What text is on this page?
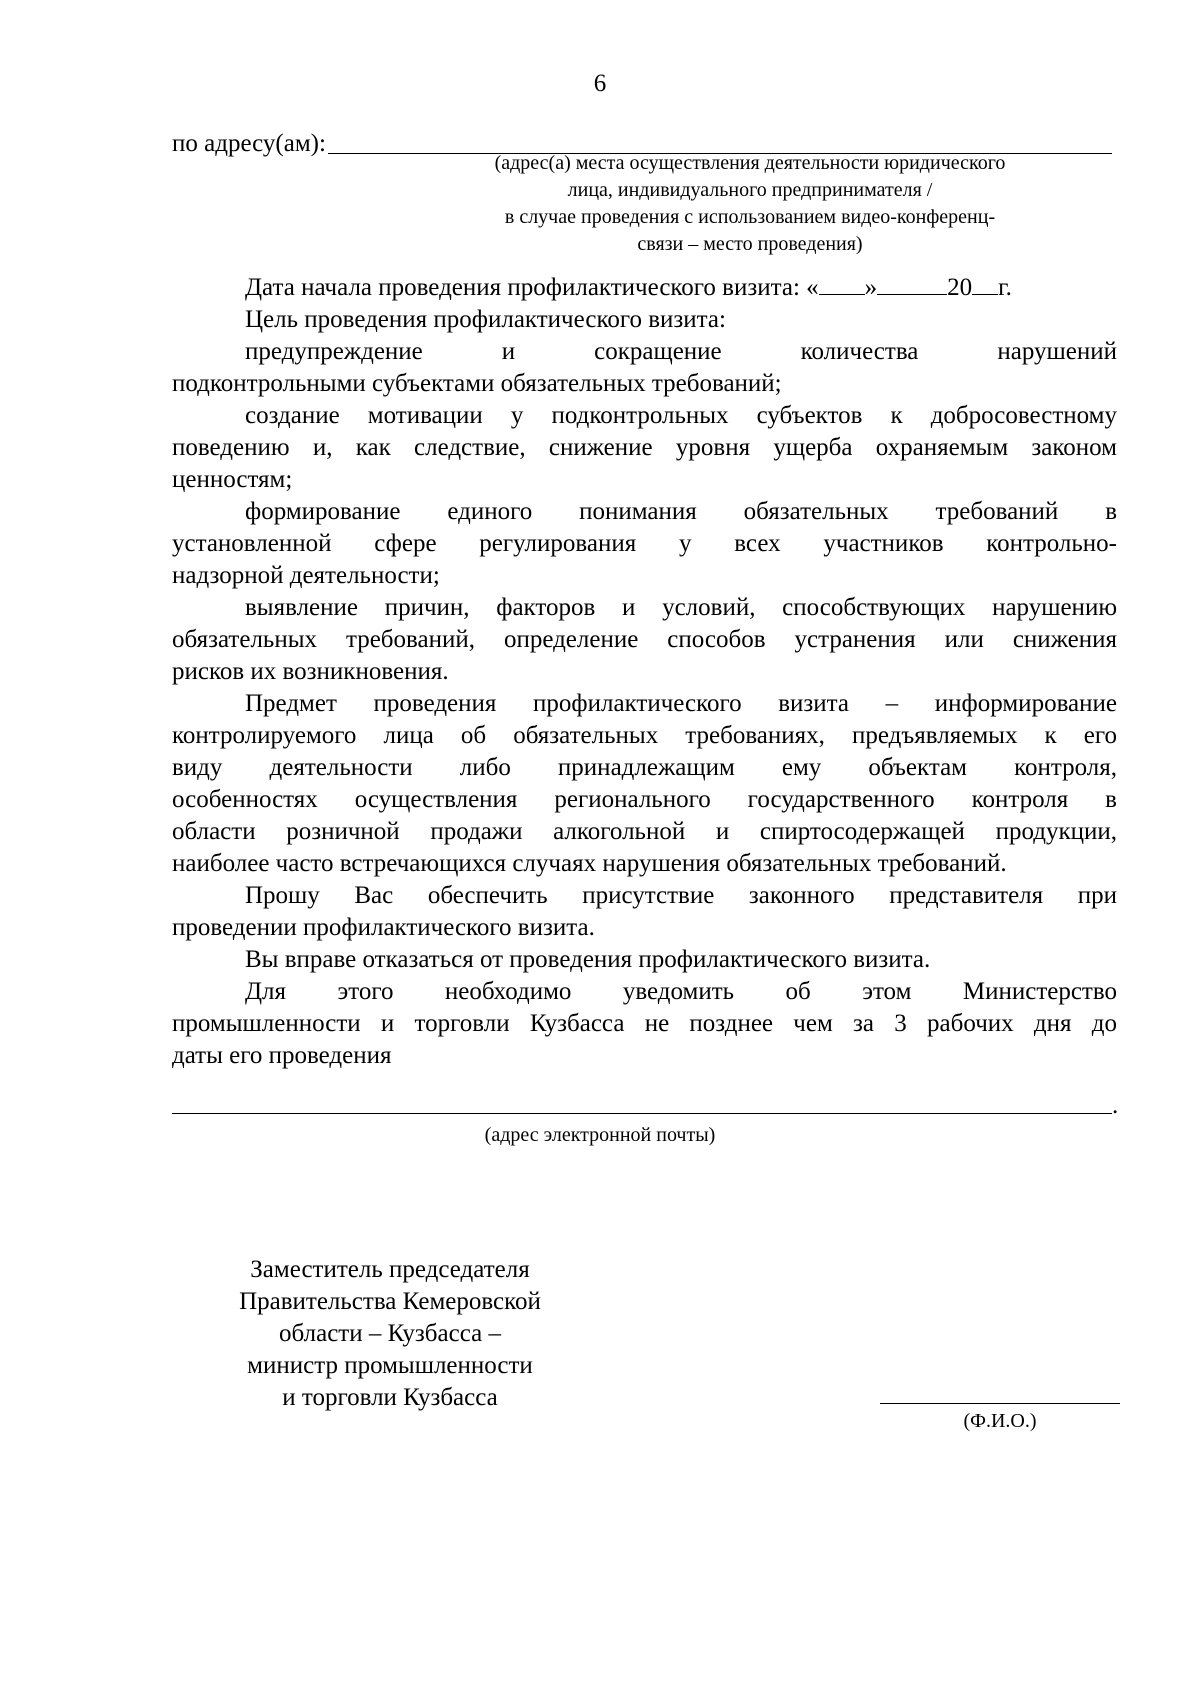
6
по адресу(ам):
(адрес(а) места осуществления деятельности юридического
лица, индивидуального предпринимателя /
в случае проведения с использованием видео-конференц-
связи – место проведения)
Дата начала проведения профилактического визита: « »	20г.
Цель проведения профилактического визита:
предупреждение и сокращение количества нарушений
подконтрольными субъектами обязательных требований;
создание мотивации у подконтрольных субъектов к добросовестному
поведению и, как следствие, снижение уровня ущерба охраняемым законом
ценностям;
формирование единого понимания обязательных требований в
установленной сфере регулирования у всех участников контрольно-
надзорной деятельности;
выявление причин, факторов и условий, способствующих нарушению
обязательных требований, определение способов устранения или снижения
рисков их возникновения.
Предмет проведения профилактического визита – информирование
контролируемого лица об обязательных требованиях, предъявляемых к его
виду деятельности либо принадлежащим ему объектам контроля,
особенностях осуществления регионального государственного контроля в
области розничной продажи алкогольной и спиртосодержащей продукции,
наиболее часто встречающихся случаях нарушения обязательных требований.
Прошу Вас обеспечить присутствие законного представителя при
проведении профилактического визита.
Вы вправе отказаться от проведения профилактического визита.
Для этого необходимо уведомить об этом Министерство
промышленности и торговли Кузбасса не позднее чем за 3 рабочих дня до
даты его проведения
.
(адрес электронной почты)
Заместитель председателя
Правительства Кемеровской
области – Кузбасса –
министр промышленности
и торговли Кузбасса
(Ф.И.О.)
